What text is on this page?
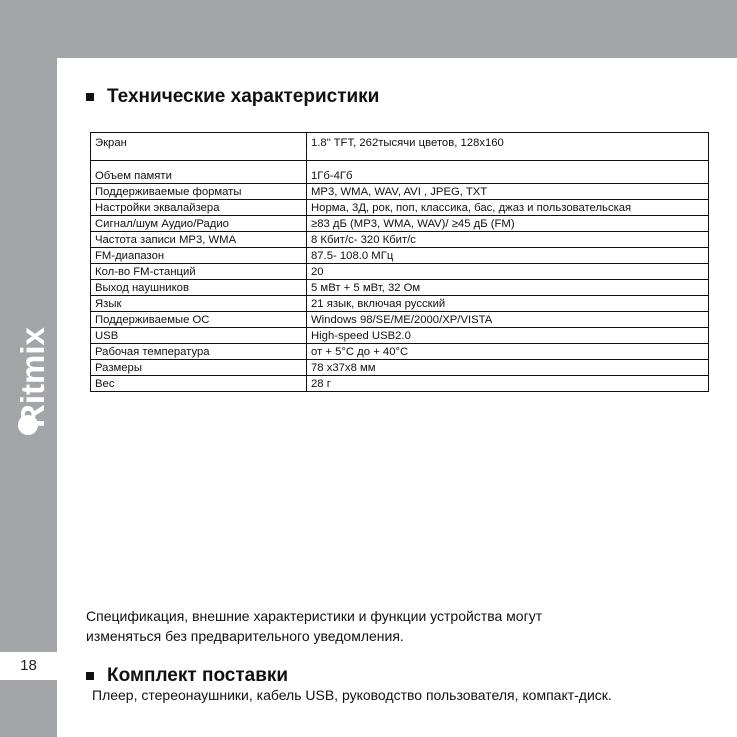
Ritmix
18
Технические характеристики
Экран	1.8" TFT, 262тысячи цветов, 128x160
Объем памяти	1Гб-4Гб
Поддерживаемые форматы	MP3, WMA, WAV, AVI , JPEG, TXT
Настройки эквалайзера	Норма, 3Д, рок, поп, классика, бас, джаз и пользовательская
Сигнал/шум Аудио/Радио	≥83 дБ (MP3, WMA, WAV)/ ≥45 дБ (FM)
Частота записи MP3, WMA	8 Кбит/с- 320 Кбит/с
FM-диапазон	87.5- 108.0 МГц
Кол-во FM-станций	20
Выход наушников	5 мВт + 5 мВт, 32 Ом
Язык	21 язык, включая русский
Поддерживаемые ОС	Windows 98/SE/ME/2000/XP/VISTA
USB	High-speed USB2.0
Рабочая температура	от + 5°С до + 40°С
Размеры	78 x37x8 мм
Вес	28 г
Спецификация, внешние характеристики и функции устройства могут
изменяться без предварительного уведомления.
Комплект поставки
Плеер, стереонаушники, кабель USB, руководство пользователя, компакт-диск.
